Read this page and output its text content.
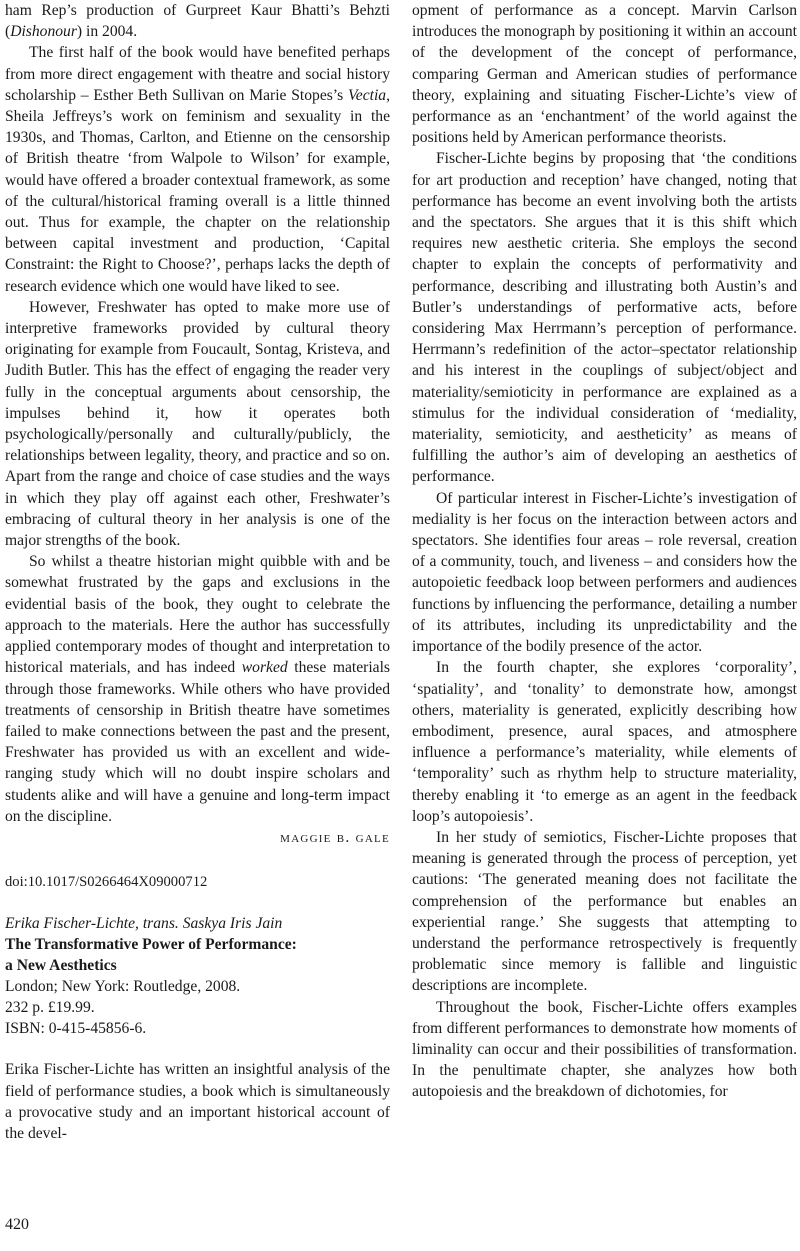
ham Rep’s production of Gurpreet Kaur Bhatti’s Behzti (Dishonour) in 2004.

The first half of the book would have benefited perhaps from more direct engagement with theatre and social history scholarship – Esther Beth Sullivan on Marie Stopes’s Vectia, Sheila Jeffreys’s work on feminism and sexuality in the 1930s, and Thomas, Carlton, and Etienne on the censorship of British theatre ‘from Walpole to Wilson’ for example, would have offered a broader contextual framework, as some of the cultural/historical framing overall is a little thinned out. Thus for example, the chapter on the relationship between capital investment and production, ‘Capital Constraint: the Right to Choose?’, perhaps lacks the depth of research evidence which one would have liked to see.

However, Freshwater has opted to make more use of interpretive frameworks provided by cultural theory originating for example from Foucault, Sontag, Kristeva, and Judith Butler. This has the effect of engaging the reader very fully in the conceptual arguments about censorship, the impulses behind it, how it operates both psychologically/personally and culturally/publicly, the relationships between legality, theory, and practice and so on. Apart from the range and choice of case studies and the ways in which they play off against each other, Freshwater’s embracing of cultural theory in her analysis is one of the major strengths of the book.

So whilst a theatre historian might quibble with and be somewhat frustrated by the gaps and exclusions in the evidential basis of the book, they ought to celebrate the approach to the materials. Here the author has successfully applied contemporary modes of thought and interpretation to historical materials, and has indeed worked these materials through those frameworks. While others who have provided treatments of censorship in British theatre have sometimes failed to make connections between the past and the present, Freshwater has provided us with an excellent and wide-ranging study which will no doubt inspire scholars and students alike and will have a genuine and long-term impact on the discipline.

maggie b. gale
doi:10.1017/S0266464X09000712
Erika Fischer-Lichte, trans. Saskya Iris Jain
The Transformative Power of Performance:
a New Aesthetics
London; New York: Routledge, 2008.
232 p. £19.99.
ISBN: 0-415-45856-6.

Erika Fischer-Lichte has written an insightful analysis of the field of performance studies, a book which is simultaneously a provocative study and an important historical account of the devel-

opment of performance as a concept. Marvin Carlson introduces the monograph by positioning it within an account of the development of the concept of performance, comparing German and American studies of performance theory, explaining and situating Fischer-Lichte’s view of performance as an ‘enchantment’ of the world against the positions held by American performance theorists.

Fischer-Lichte begins by proposing that ‘the conditions for art production and reception’ have changed, noting that performance has become an event involving both the artists and the spectators. She argues that it is this shift which requires new aesthetic criteria. She employs the second chapter to explain the concepts of performativity and performance, describing and illustrating both Austin’s and Butler’s understandings of performative acts, before considering Max Herrmann’s perception of performance. Herrmann’s redefinition of the actor–spectator relationship and his interest in the couplings of subject/object and materiality/semioticity in performance are explained as a stimulus for the individual consideration of ‘mediality, materiality, semioticity, and aestheticity’ as means of fulfilling the author’s aim of developing an aesthetics of performance.

Of particular interest in Fischer-Lichte’s investigation of mediality is her focus on the interaction between actors and spectators. She identifies four areas – role reversal, creation of a community, touch, and liveness – and considers how the autopoietic feedback loop between performers and audiences functions by influencing the performance, detailing a number of its attributes, including its unpredictability and the importance of the bodily presence of the actor.

In the fourth chapter, she explores ‘corporality’, ‘spatiality’, and ‘tonality’ to demonstrate how, amongst others, materiality is generated, explicitly describing how embodiment, presence, aural spaces, and atmosphere influence a performance’s materiality, while elements of ‘temporality’ such as rhythm help to structure materiality, thereby enabling it ‘to emerge as an agent in the feedback loop’s autopoiesis’.

In her study of semiotics, Fischer-Lichte proposes that meaning is generated through the process of perception, yet cautions: ‘The generated meaning does not facilitate the comprehension of the performance but enables an experiential range.’ She suggests that attempting to understand the performance retrospectively is frequently problematic since memory is fallible and linguistic descriptions are incomplete.

Throughout the book, Fischer-Lichte offers examples from different performances to demonstrate how moments of liminality can occur and their possibilities of transformation. In the penultimate chapter, she analyzes how both autopoiesis and the breakdown of dichotomies, for

420
